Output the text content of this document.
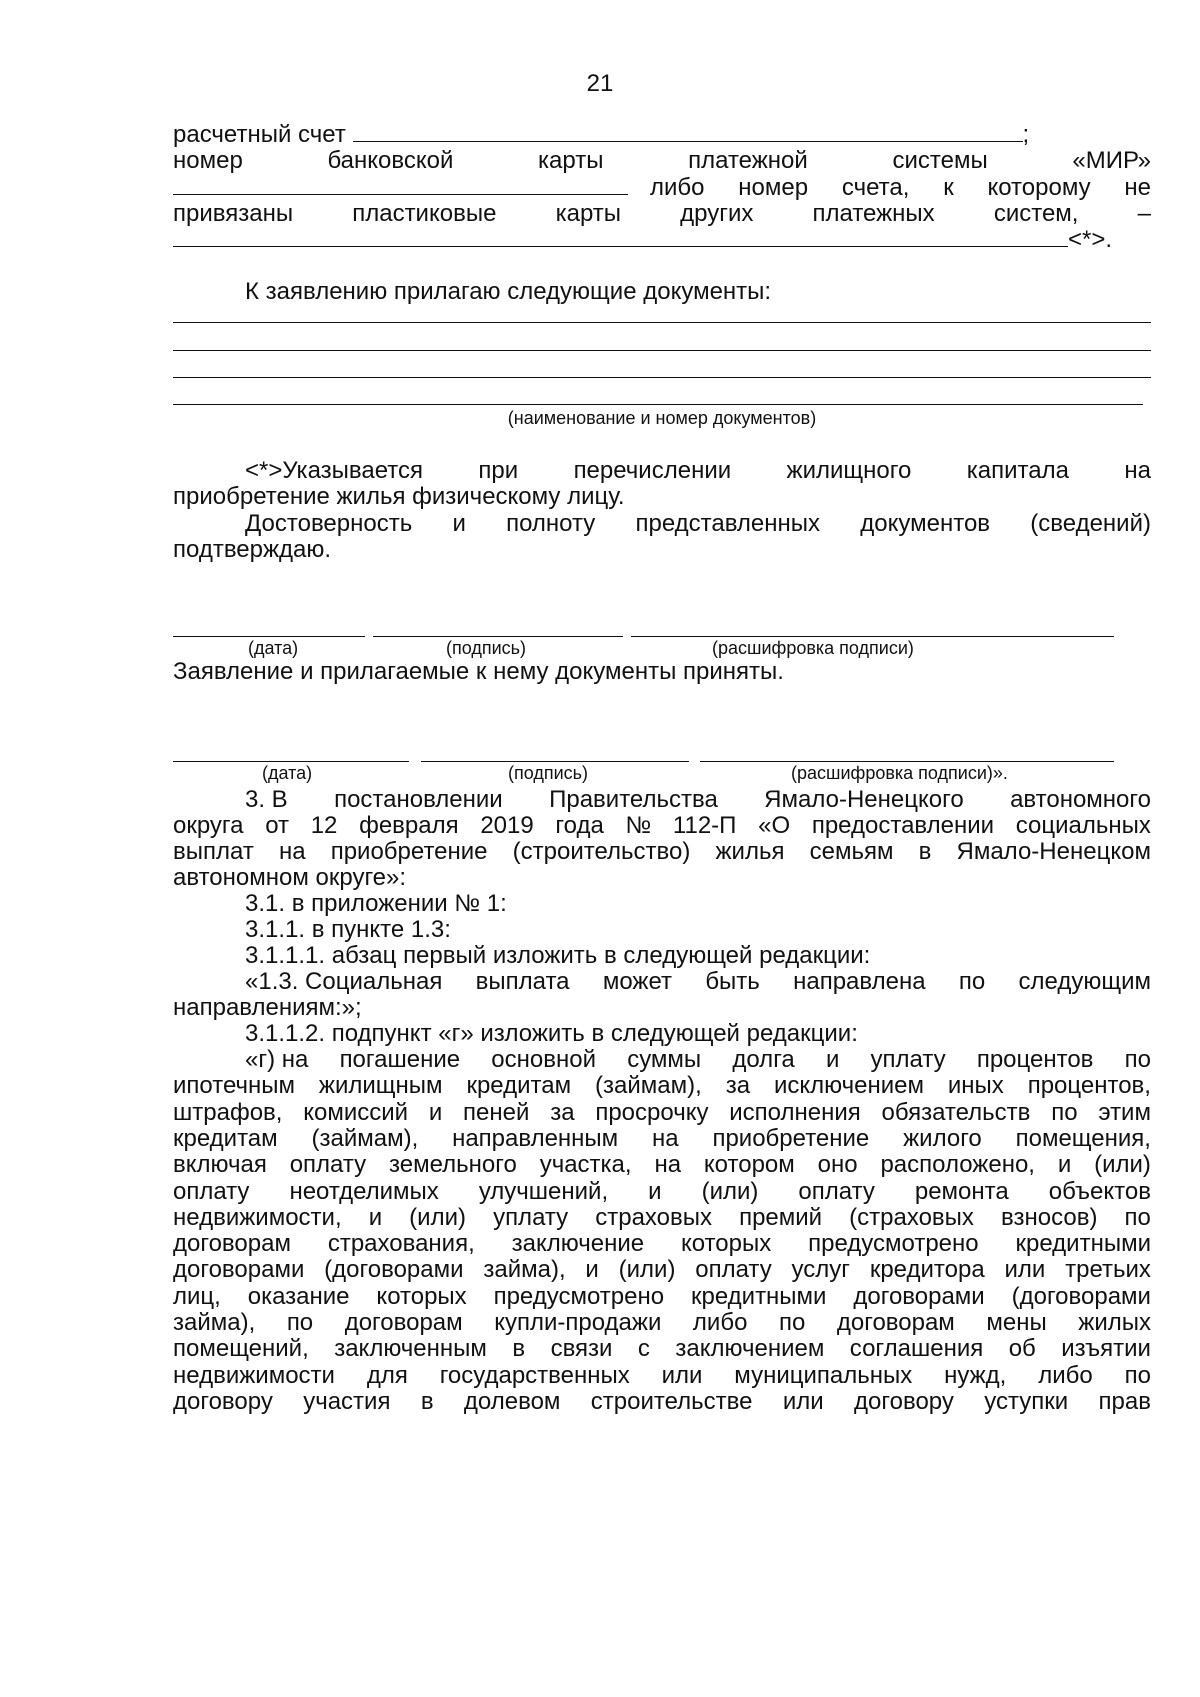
21
расчетный счет	;
номер	банковской	карты	платежной	системы	«МИР»
либо номер счета, к которому не
привязаны пластиковые карты других платежных систем, –
<*>.
К заявлению прилагаю следующие документы:
(наименование и номер документов)
<*>Указывается при перечислении жилищного капитала на
приобретение жилья физическому лицу.
Достоверность и полноту представленных документов (сведений)
подтверждаю.
(дата)	(подпись)	(расшифровка подписи)
Заявление и прилагаемые к нему документы приняты.
(дата)	(подпись)	(расшифровка подписи)».
3. В постановлении Правительства Ямало-Ненецкого автономного
округа от 12 февраля 2019 года № 112-П «О предоставлении социальных
выплат на приобретение (строительство) жилья семьям в Ямало-Ненецком
автономном округе»:
3.1. в приложении № 1:
3.1.1. в пункте 1.3:
3.1.1.1. абзац первый изложить в следующей редакции:
«1.3. Социальная выплата может быть направлена по следующим
направлениям:»;
3.1.1.2. подпункт «г» изложить в следующей редакции:
«г) на погашение основной суммы долга и уплату процентов по
ипотечным жилищным кредитам (займам), за исключением иных процентов,
штрафов, комиссий и пеней за просрочку исполнения обязательств по этим
кредитам (займам), направленным на приобретение жилого помещения,
включая оплату земельного участка, на котором оно расположено, и (или)
оплату неотделимых улучшений, и (или) оплату ремонта объектов
недвижимости, и (или) уплату страховых премий (страховых взносов) по
договорам страхования, заключение которых предусмотрено кредитными
договорами (договорами займа), и (или) оплату услуг кредитора или третьих
лиц, оказание которых предусмотрено кредитными договорами (договорами
займа), по договорам купли-продажи либо по договорам мены жилых
помещений, заключенным в связи с заключением соглашения об изъятии
недвижимости для государственных или муниципальных нужд, либо по
договору участия в долевом строительстве или договору уступки прав
